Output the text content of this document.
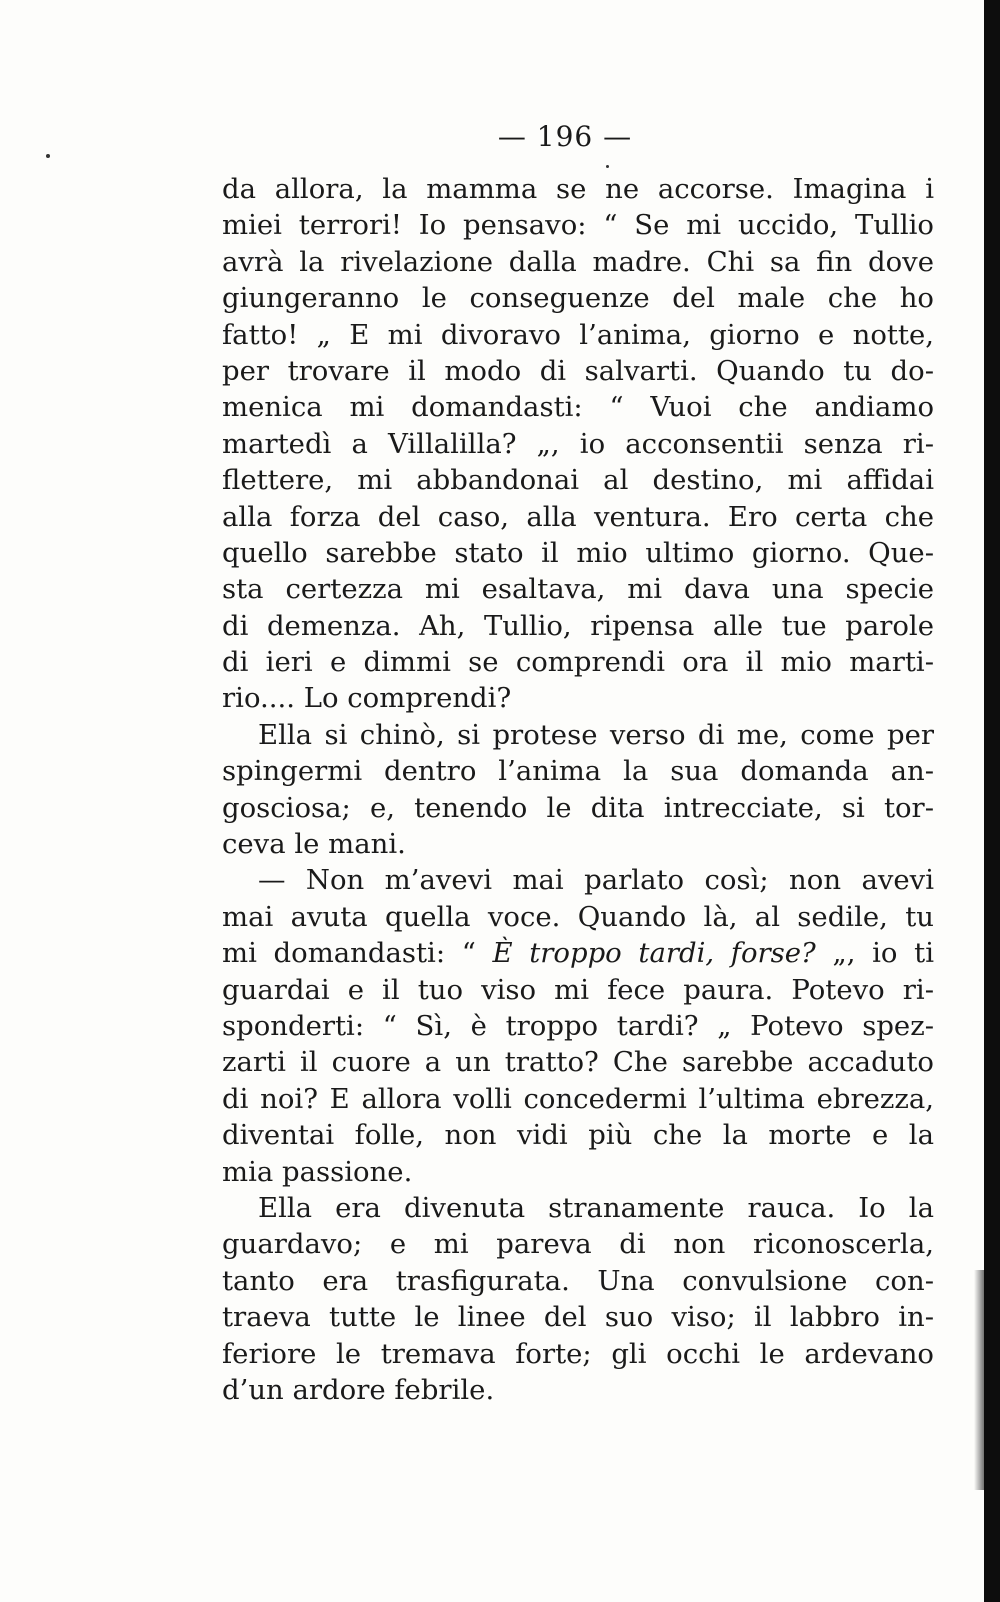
— 196 —
da allora, la mamma se ne accorse. Imagina i
miei terrori! Io pensavo: “ Se mi uccido, Tullio
avrà la rivelazione dalla madre. Chi sa fin dove
giungeranno le conseguenze del male che ho
fatto! „ E mi divoravo l’anima, giorno e notte,
per trovare il modo di salvarti. Quando tu do-
menica mi domandasti: “ Vuoi che andiamo
martedì a Villalilla? „, io acconsentii senza ri-
flettere, mi abbandonai al destino, mi affidai
alla forza del caso, alla ventura. Ero certa che
quello sarebbe stato il mio ultimo giorno. Que-
sta certezza mi esaltava, mi dava una specie
di demenza. Ah, Tullio, ripensa alle tue parole
di ieri e dimmi se comprendi ora il mio marti-
rio.... Lo comprendi?
Ella si chinò, si protese verso di me, come per
spingermi dentro l’anima la sua domanda an-
gosciosa; e, tenendo le dita intrecciate, si tor-
ceva le mani.
— Non m’avevi mai parlato così; non avevi
mai avuta quella voce. Quando là, al sedile, tu
mi domandasti: “ È troppo tardi, forse? „, io ti
guardai e il tuo viso mi fece paura. Potevo ri-
sponderti: “ Sì, è troppo tardi? „ Potevo spez-
zarti il cuore a un tratto? Che sarebbe accaduto
di noi? E allora volli concedermi l’ultima ebrezza,
diventai folle, non vidi più che la morte e la
mia passione.
Ella era divenuta stranamente rauca. Io la
guardavo; e mi pareva di non riconoscerla,
tanto era trasfigurata. Una convulsione con-
traeva tutte le linee del suo viso; il labbro in-
feriore le tremava forte; gli occhi le ardevano
d’un ardore febrile.
